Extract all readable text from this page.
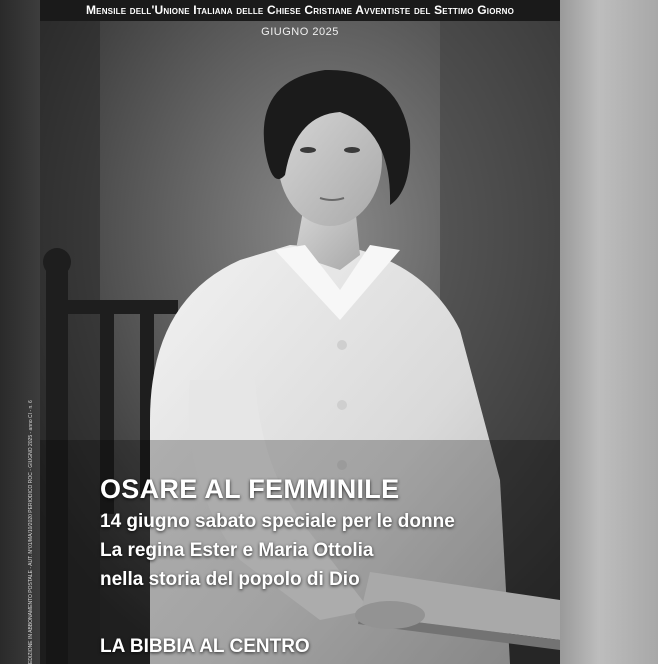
Mensile dell'Unione Italiana delle Chiese Cristiane Avventiste del Settimo Giorno
GIUGNO 2025
OSARE AL FEMMINILE
14 giugno sabato speciale per le donne
La regina Ester e Maria Ottolia
nella storia del popolo di Dio
LA BIBBIA AL CENTRO
EDIZIONE IN ABBONAMENTO POSTALE - AUT. N°01/MA/10/2020 PERIODICO ROC - GIUGNO 2025 - anno CI - n. 6
